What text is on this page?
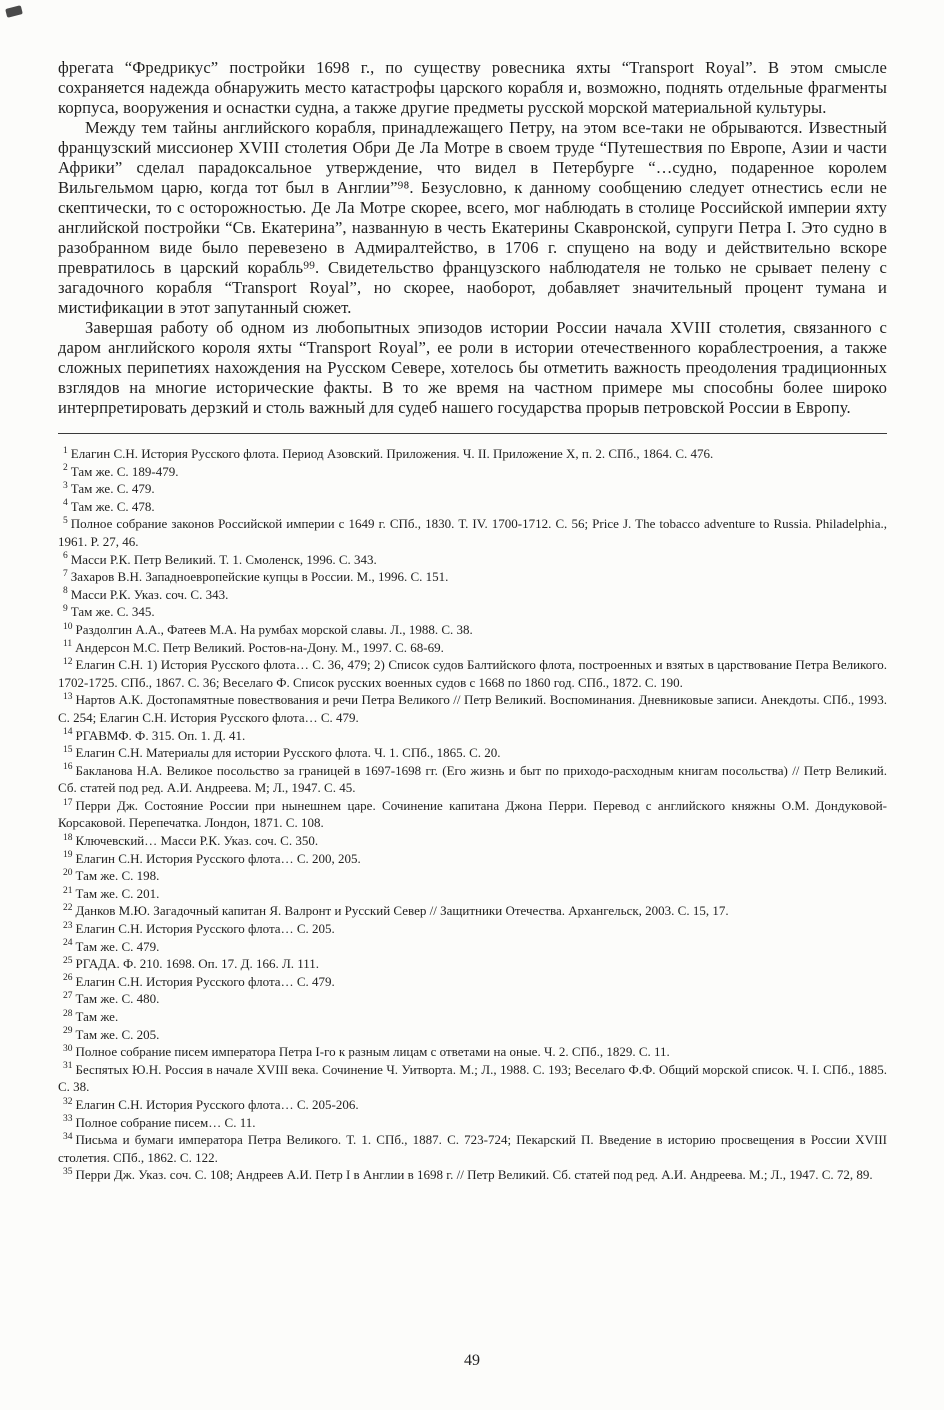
фрегата “Фредрикус” постройки 1698 г., по существу ровесника яхты “Transport Royal”. В этом смысле сохраняется надежда обнаружить место катастрофы царского корабля и, возможно, поднять отдельные фрагменты корпуса, вооружения и оснастки судна, а также другие предметы русской морской материальной культуры.

Между тем тайны английского корабля, принадлежащего Петру, на этом все-таки не обрываются. Известный французский миссионер XVIII столетия Обри Де Ла Мотре в своем труде “Путешествия по Европе, Азии и части Африки” сделал парадоксальное утверждение, что видел в Петербурге “…судно, подаренное королем Вильгельмом царю, когда тот был в Англии”⁹⁸. Безусловно, к данному сообщению следует отнестись если не скептически, то с осторожностью. Де Ла Мотре скорее, всего, мог наблюдать в столице Российской империи яхту английской постройки “Св. Екатерина”, названную в честь Екатерины Скавронской, супруги Петра I. Это судно в разобранном виде было перевезено в Адмиралтейство, в 1706 г. спущено на воду и действительно вскоре превратилось в царский корабль⁹⁹. Свидетельство французского наблюдателя не только не срывает пелену с загадочного корабля “Transport Royal”, но скорее, наоборот, добавляет значительный процент тумана и мистификации в этот запутанный сюжет.

Завершая работу об одном из любопытных эпизодов истории России начала XVIII столетия, связанного с даром английского короля яхты “Transport Royal”, ее роли в истории отечественного кораблестроения, а также сложных перипетиях нахождения на Русском Севере, хотелось бы отметить важность преодоления традиционных взглядов на многие исторические факты. В то же время на частном примере мы способны более широко интерпретировать дерзкий и столь важный для судеб нашего государства прорыв петровской России в Европу.

$^1$ Елагин С.Н. История Русского флота. Период Азовский. Приложения. Ч. II. Приложение X, п. 2. СПб., 1864. С. 476.

$^2$ Там же. С. 189-479.

$^3$ Там же. С. 479.

$^4$ Там же. С. 478.

$^5$ Полное собрание законов Российской империи с 1649 г. СПб., 1830. Т. IV. 1700-1712. С. 56; Price J. The tobacco adventure to Russia. Philadelphia., 1961. P. 27, 46.

$^6$ Масси Р.К. Петр Великий. Т. 1. Смоленск, 1996. С. 343.

$^7$ Захаров В.Н. Западноевропейские купцы в России. М., 1996. С. 151.

$^8$ Масси Р.К. Указ. соч. С. 343.

$^9$ Там же. С. 345.

$^{10}$ Раздолгин А.А., Фатеев М.А. На румбах морской славы. Л., 1988. С. 38.

$^{11}$ Андерсон М.С. Петр Великий. Ростов-на-Дону. М., 1997. С. 68-69.

$^{12}$ Елагин С.Н. 1) История Русского флота… С. 36, 479; 2) Список судов Балтийского флота, построенных и взятых в царствование Петра Великого. 1702-1725. СПб., 1867. С. 36; Веселаго Ф. Список русских военных судов с 1668 по 1860 год. СПб., 1872. С. 190.

$^{13}$ Нартов А.К. Достопамятные повествования и речи Петра Великого // Петр Великий. Воспоминания. Дневниковые записи. Анекдоты. СПб., 1993. С. 254; Елагин С.Н. История Русского флота… С. 479.

$^{14}$ РГАВМФ. Ф. 315. Оп. 1. Д. 41.

$^{15}$ Елагин С.Н. Материалы для истории Русского флота. Ч. 1. СПб., 1865. С. 20.

$^{16}$ Бакланова Н.А. Великое посольство за границей в 1697-1698 гг. (Его жизнь и быт по приходо-расходным книгам посольства) // Петр Великий. Сб. статей под ред. А.И. Андреева. М; Л., 1947. С. 45.

$^{17}$ Перри Дж. Состояние России при нынешнем царе. Сочинение капитана Джона Перри. Перевод с английского княжны О.М. Дондуковой-Корсаковой. Перепечатка. Лондон, 1871. С. 108.

$^{18}$ Ключевский… Масси Р.К. Указ. соч. С. 350.

$^{19}$ Елагин С.Н. История Русского флота… С. 200, 205.

$^{20}$ Там же. С. 198.

$^{21}$ Там же. С. 201.

$^{22}$ Данков М.Ю. Загадочный капитан Я. Валронт и Русский Север // Защитники Отечества. Архангельск, 2003. С. 15, 17.

$^{23}$ Елагин С.Н. История Русского флота… С. 205.

$^{24}$ Там же. С. 479.

$^{25}$ РГАДА. Ф. 210. 1698. Оп. 17. Д. 166. Л. 111.

$^{26}$ Елагин С.Н. История Русского флота… С. 479.

$^{27}$ Там же. С. 480.

$^{28}$ Там же.

$^{29}$ Там же. С. 205.

$^{30}$ Полное собрание писем императора Петра I-го к разным лицам с ответами на оные. Ч. 2. СПб., 1829. С. 11.

$^{31}$ Беспятых Ю.Н. Россия в начале XVIII века. Сочинение Ч. Уитворта. М.; Л., 1988. С. 193; Веселаго Ф.Ф. Общий морской список. Ч. I. СПб., 1885. С. 38.

$^{32}$ Елагин С.Н. История Русского флота… С. 205-206.

$^{33}$ Полное собрание писем… С. 11.

$^{34}$ Письма и бумаги императора Петра Великого. Т. 1. СПб., 1887. С. 723-724; Пекарский П. Введение в историю просвещения в России XVIII столетия. СПб., 1862. С. 122.

$^{35}$ Перри Дж. Указ. соч. С. 108; Андреев А.И. Петр I в Англии в 1698 г. // Петр Великий. Сб. статей под ред. А.И. Андреева. М.; Л., 1947. С. 72, 89.

49
